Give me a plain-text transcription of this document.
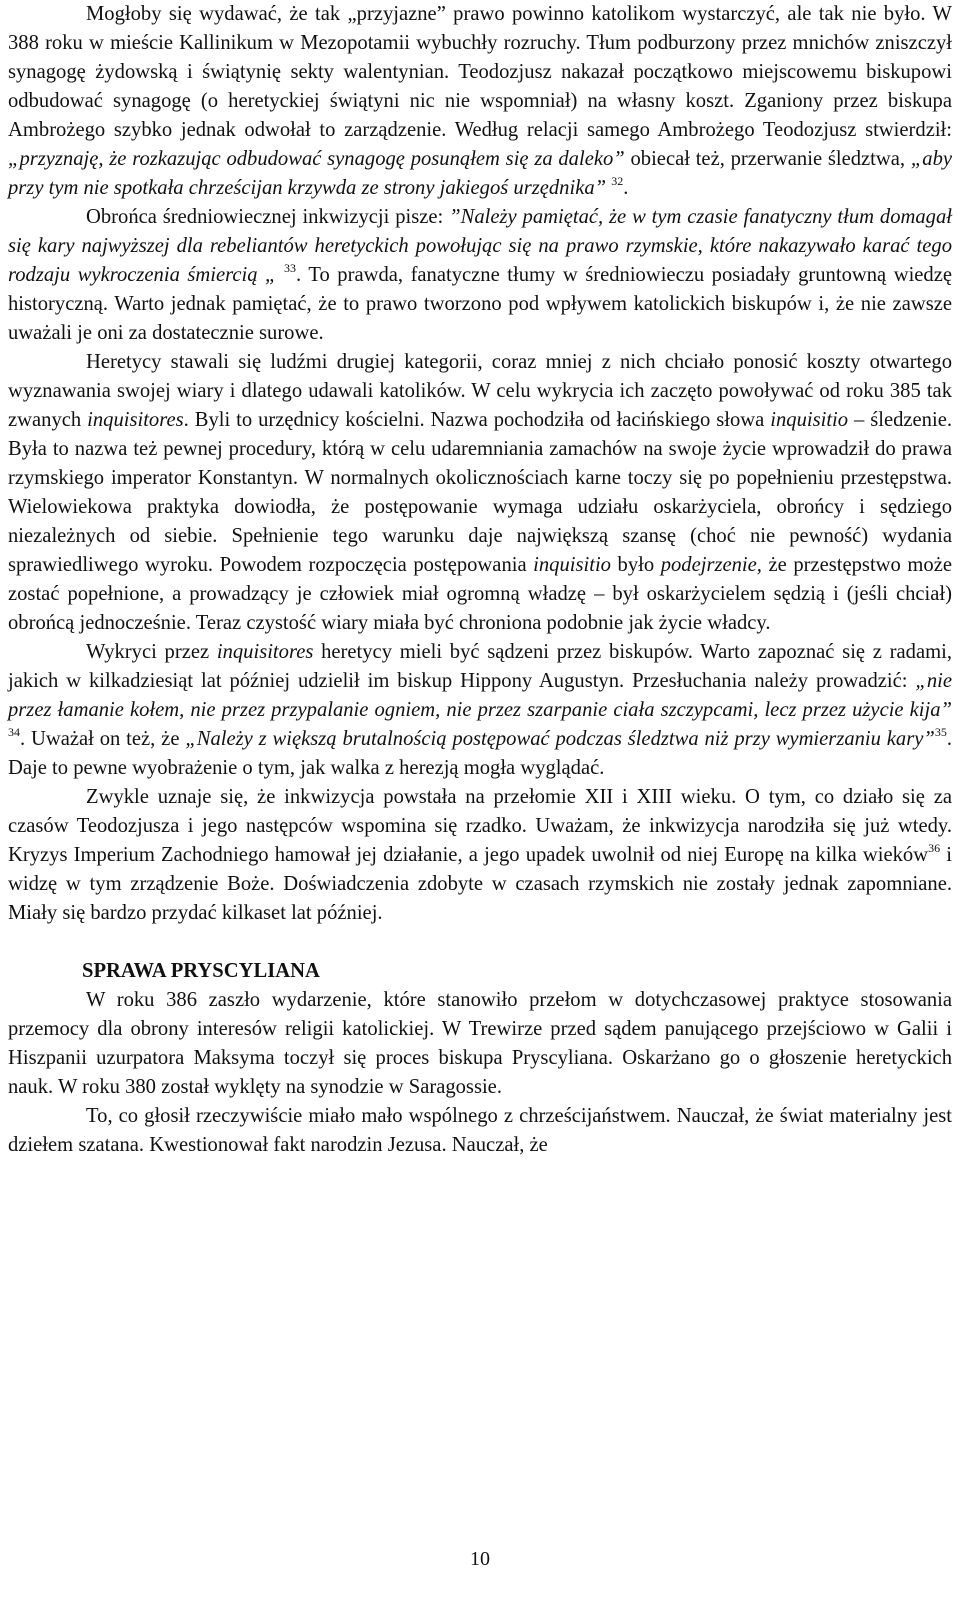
Mogłoby się wydawać, że tak „przyjazne” prawo powinno katolikom wystarczyć, ale tak nie było. W 388 roku w mieście Kallinikum w Mezopotamii wybuchły rozruchy. Tłum podburzony przez mnichów zniszczył synagogę żydowską i świątynię sekty walentynian. Teodozjusz nakazał początkowo miejscowemu biskupowi odbudować synagogę (o heretyckiej świątyni nic nie wspomniał) na własny koszt. Zganiony przez biskupa Ambrożego szybko jednak odwołał to zarządzenie. Według relacji samego Ambrożego Teodozjusz stwierdził: „przyznaję, że rozkazując odbudować synagogę posunąłem się za daleko” obiecał też, przerwanie śledztwa, „aby przy tym nie spotkała chrześcijan krzywda ze strony jakiegoś urzędnika” $^{32}$.

Obrońca średniowiecznej inkwizycji pisze: ”Należy pamiętać, że w tym czasie fanatyczny tłum domagał się kary najwyższej dla rebeliantów heretyckich powołując się na prawo rzymskie, które nakazywało karać tego rodzaju wykroczenia śmiercią „ $^{33}$. To prawda, fanatyczne tłumy w średniowieczu posiadały gruntowną wiedzę historyczną. Warto jednak pamiętać, że to prawo tworzono pod wpływem katolickich biskupów i, że nie zawsze uważali je oni za dostatecznie surowe.

Heretycy stawali się ludźmi drugiej kategorii, coraz mniej z nich chciało ponosić koszty otwartego wyznawania swojej wiary i dlatego udawali katolików. W celu wykrycia ich zaczęto powoływać od roku 385 tak zwanych inquisitores. Byli to urzędnicy kościelni. Nazwa pochodziła od łacińskiego słowa inquisitio – śledzenie. Była to nazwa też pewnej procedury, którą w celu udaremniania zamachów na swoje życie wprowadził do prawa rzymskiego imperator Konstantyn. W normalnych okolicznościach karne toczy się po popełnieniu przestępstwa. Wielowiekowa praktyka dowiodła, że postępowanie wymaga udziału oskarżyciela, obrońcy i sędziego niezależnych od siebie. Spełnienie tego warunku daje największą szansę (choć nie pewność) wydania sprawiedliwego wyroku. Powodem rozpoczęcia postępowania inquisitio było podejrzenie, że przestępstwo może zostać popełnione, a prowadzący je człowiek miał ogromną władzę – był oskarżycielem sędzią i (jeśli chciał) obrońcą jednocześnie. Teraz czystość wiary miała być chroniona podobnie jak życie władcy.

Wykryci przez inquisitores heretycy mieli być sądzeni przez biskupów. Warto zapoznać się z radami, jakich w kilkadziesiąt lat później udzielił im biskup Hippony Augustyn. Przesłuchania należy prowadzić: „nie przez łamanie kołem, nie przez przypalanie ogniem, nie przez szarpanie ciała szczypcami, lecz przez użycie kija” $^{34}$. Uważał on też, że „Należy z większą brutalnością postępować podczas śledztwa niż przy wymierzaniu kary”$^{35}$. Daje to pewne wyobrażenie o tym, jak walka z herezją mogła wyglądać.

Zwykle uznaje się, że inkwizycja powstała na przełomie XII i XIII wieku. O tym, co działo się za czasów Teodozjusza i jego następców wspomina się rzadko. Uważam, że inkwizycja narodziła się już wtedy. Kryzys Imperium Zachodniego hamował jej działanie, a jego upadek uwolnił od niej Europę na kilka wieków$^{36}$ i widzę w tym zrządzenie Boże. Doświadczenia zdobyte w czasach rzymskich nie zostały jednak zapomniane. Miały się bardzo przydać kilkaset lat później.

SPRAWA PRYSCYLIANA

W roku 386 zaszło wydarzenie, które stanowiło przełom w dotychczasowej praktyce stosowania przemocy dla obrony interesów religii katolickiej. W Trewirze przed sądem panującego przejściowo w Galii i Hiszpanii uzurpatora Maksyma toczył się proces biskupa Pryscyliana. Oskarżano go o głoszenie heretyckich nauk. W roku 380 został wyklęty na synodzie w Saragossie.

To, co głosił rzeczywiście miało mało wspólnego z chrześcijaństwem. Nauczał, że świat materialny jest dziełem szatana. Kwestionował fakt narodzin Jezusa. Nauczał, że

10
